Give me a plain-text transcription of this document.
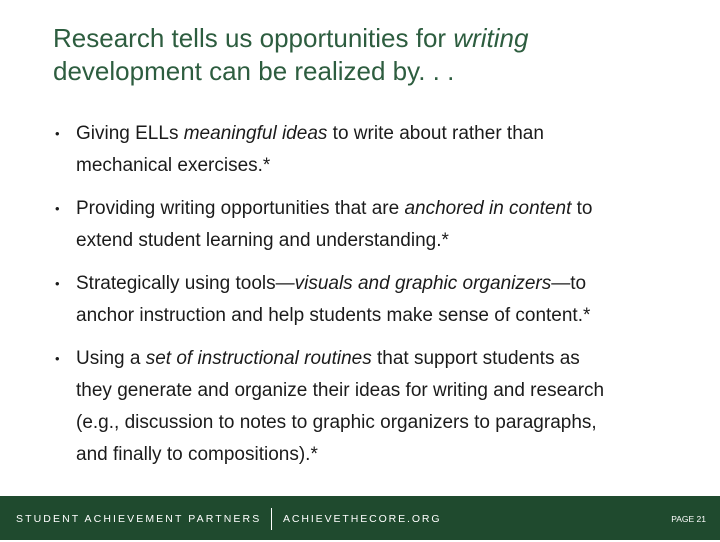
Research tells us opportunities for writing
development can be realized by. . .
• Giving ELLs meaningful ideas to write about rather than
mechanical exercises.*
• Providing writing opportunities that are anchored in content to
extend student learning and understanding.*
• Strategically using tools—visuals and graphic organizers—to
anchor instruction and help students make sense of content.*
• Using a set of instructional routines that support students as
they generate and organize their ideas for writing and research
(e.g., discussion to notes to graphic organizers to paragraphs,
and finally to compositions).*
STUDENT ACHIEVEMENT PARTNERS ACHIEVETHECORE.ORG	PAGE 21
